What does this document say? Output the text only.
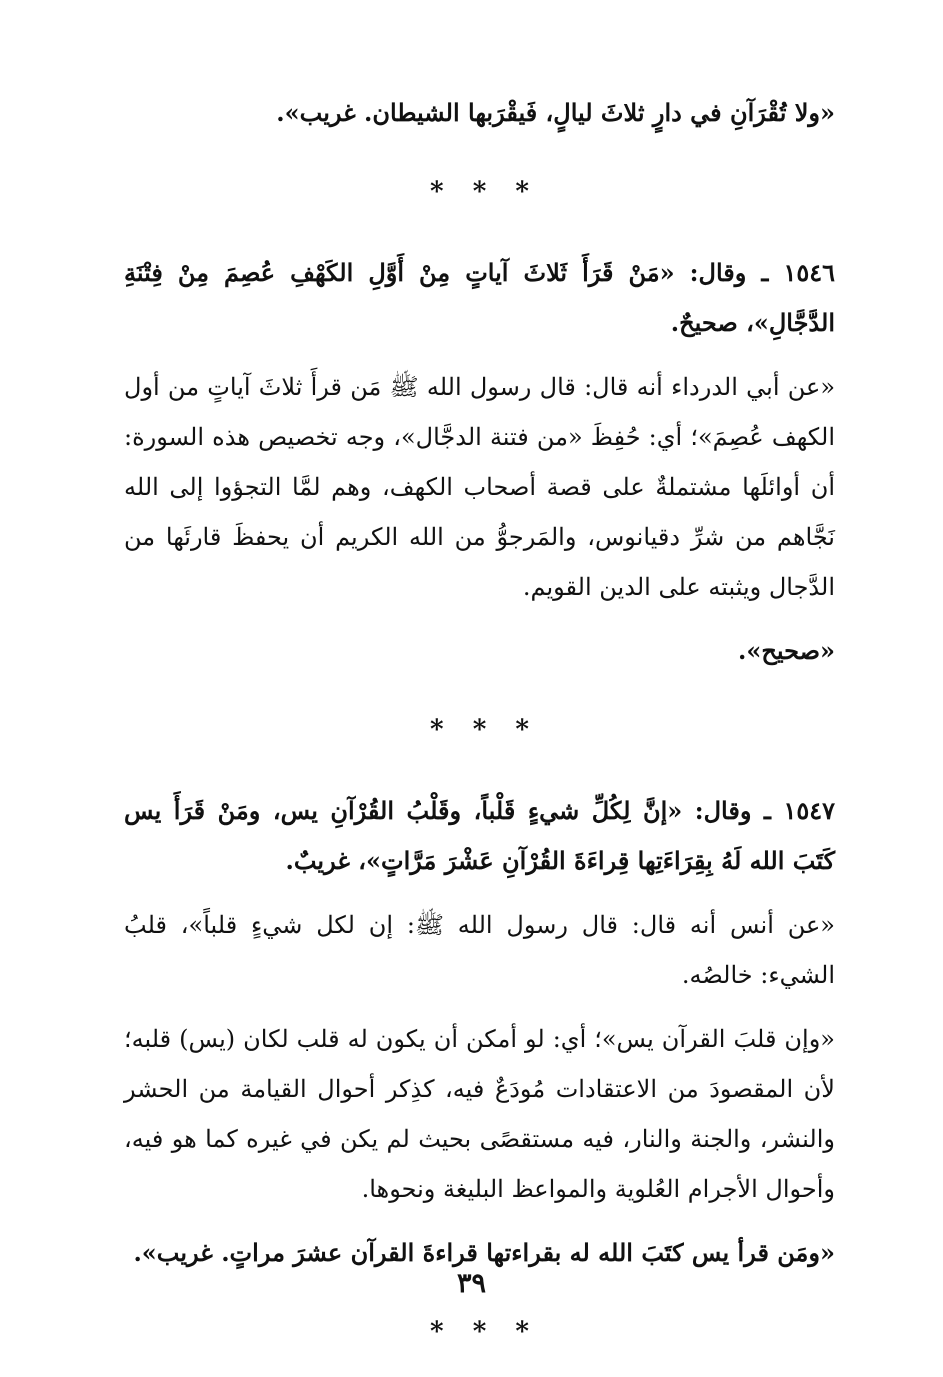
«ولا تُقْرَآنِ في دارٍ ثلاثَ ليالٍ، فَيقْرَبها الشيطان. غريب».

* * *

١٥٤٦ ـ وقال: «مَنْ قَرَأَ ثَلاثَ آياتٍ مِنْ أَوَّلِ الكَهْفِ عُصِمَ مِنْ فِتْنَةِ الدَّجَّالِ»، صحيحٌ.

«عن أبي الدرداء أنه قال: قال رسول الله ﷺ مَن قرأَ ثلاثَ آياتٍ من أول الكهف عُصِمَ»؛ أي: حُفِظَ «من فتنة الدجَّال»، وجه تخصيص هذه السورة: أن أوائلَها مشتملةٌ على قصة أصحاب الكهف، وهم لمَّا التجؤوا إلى الله نَجَّاهم من شرِّ دقيانوس، والمَرجوُّ من الله الكريم أن يحفظَ قارئَها من الدَّجال ويثبته على الدين القويم.

«صحيح».

* * *

١٥٤٧ ـ وقال: «إنَّ لِكُلِّ شيءٍ قَلْباً، وقَلْبُ القُرْآنِ يس، ومَنْ قَرَأَ يس كَتَبَ الله لَهُ بِقِرَاءَتِها قِراءَةَ القُرْآنِ عَشْرَ مَرَّاتٍ»، غريبٌ.

«عن أنس أنه قال: قال رسول الله ﷺ: إن لكل شيءٍ قلباً»، قلبُ الشيء: خالصُه.

«وإن قلبَ القرآن يس»؛ أي: لو أمكن أن يكون له قلب لكان (يس) قلبه؛ لأن المقصودَ من الاعتقادات مُودَعٌ فيه، كذِكر أحوال القيامة من الحشر والنشر، والجنة والنار، فيه مستقصًى بحيث لم يكن في غيره كما هو فيه، وأحوال الأجرام العُلوية والمواعظ البليغة ونحوها.

«ومَن قرأ يس كتَبَ الله له بقراءتها قراءةَ القرآن عشرَ مراتٍ. غريب».

* * *
٣٩
